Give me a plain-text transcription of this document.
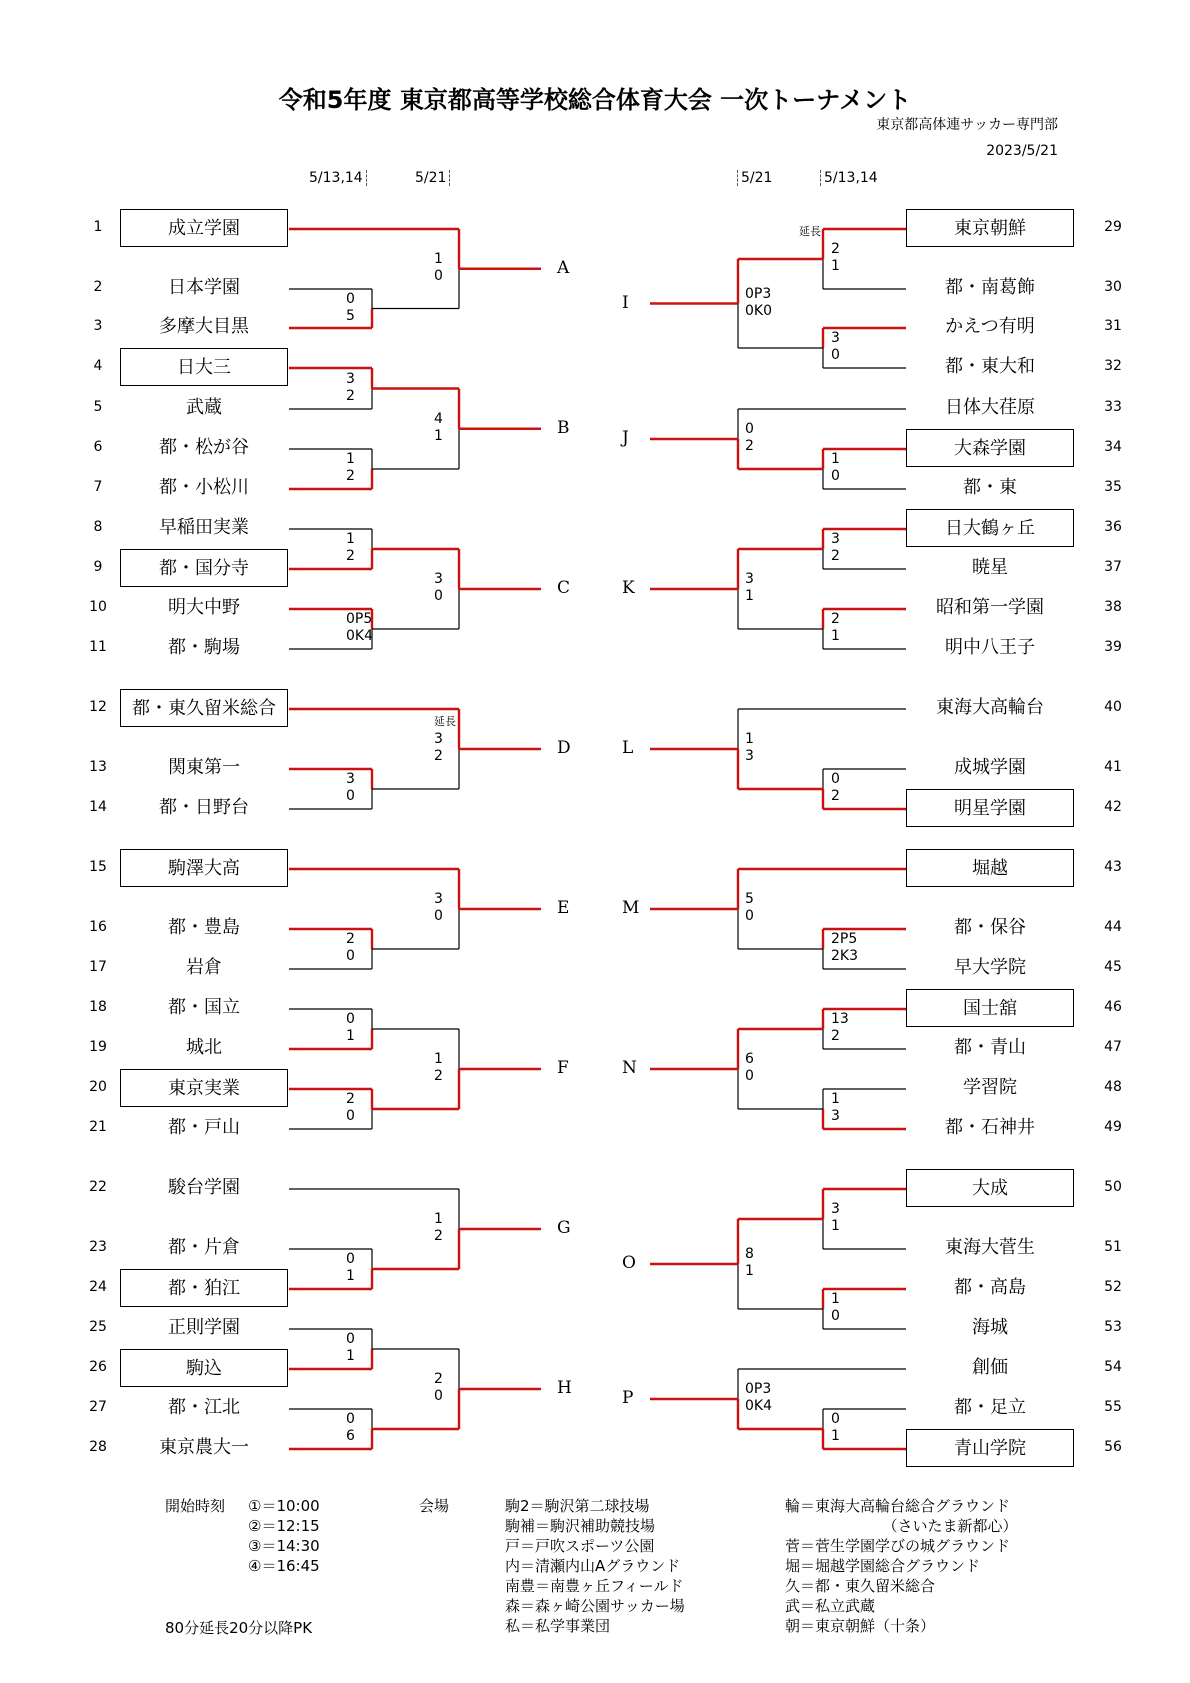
令和5年度 東京都高等学校総合体育大会 一次トーナメント
東京都高体連サッカー専門部
2023/5/21
5/13,14	5/21	5/21	5/13,14
1	成立学園
2	日本学園
3	多摩大目黒
4	日大三
5	武蔵
6	都・松が谷
7	都・小松川
8	早稲田実業
9	都・国分寺
10	明大中野
11	都・駒場
12	都・東久留米総合
13	関東第一
14	都・日野台
15	駒澤大高
16	都・豊島
17	岩倉
18	都・国立
19	城北
20	東京実業
21	都・戸山
22	駿台学園
23	都・片倉
24	都・狛江
25	正則学園
26	駒込
27	都・江北
28	東京農大一
29
東京朝鮮
30
都・南葛飾
31
かえつ有明
32
都・東大和
33
日体大荏原
34
大森学園
35
都・東
36
日大鶴ヶ丘
37
暁星
38
昭和第一学園
39
明中八王子
40
東海大高輪台
41
成城学園
42
明星学園
43
堀越
44
都・保谷
45
早大学院
46
国士舘
47
都・青山
48
学習院
49
都・石神井
50
大成
51
東海大菅生
52
都・高島
53
海城
54
創価
55
都・足立
56
青山学院
A
B
C
D
E
F
G
H
0
5
1
0
3
2
1
2
4
1
1
2
0P5
0K4
3
0
3
0
3
2
延長
2
0
3
0
0
1
2
0
1
2
0
1
1
2
0
1
0
6
2
0
I
J
K
L
M
N
O
P
2
1
延長
3
0
0P3
0K0
1
0
0
2
3
2
2
1
3
1
0
2
1
3
2P5
2K3
5
0
13
2
1
3
6
0
3
1
1
0
8
1
0
1
0P3
0K4
開始時刻 ①＝10:00
②＝12:15
③＝14:30
④＝16:45
会場	駒2＝駒沢第二球技場
駒補＝駒沢補助競技場
戸＝戸吹スポーツ公園
内＝清瀬内山Aグラウンド
南豊＝南豊ヶ丘フィールド
森＝森ヶ崎公園サッカー場
私＝私学事業団
輪＝東海大高輪台総合グラウンド
　　　　　　　（さいたま新都心）
菅＝菅生学園学びの城グラウンド
堀＝堀越学園総合グラウンド
久＝都・東久留米総合
武＝私立武蔵
朝＝東京朝鮮（十条）
80分延長20分以降PK
